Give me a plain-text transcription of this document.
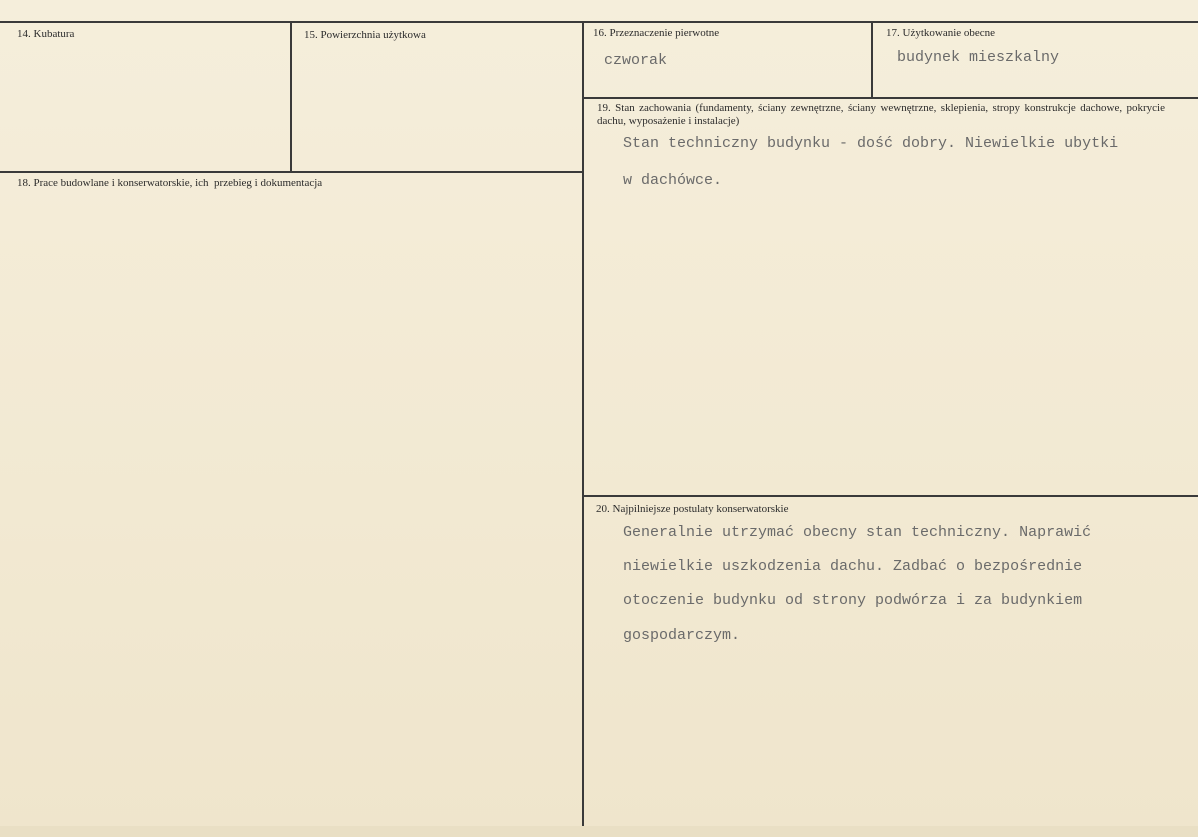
14. Kubatura	15. Powierzchnia użytkowa	16. Przeznaczenie pierwotne
czworak
17. Użytkowanie obecne
budynek mieszkalny
18. Prace budowlane i konserwatorskie, ich  przebieg i dokumentacja
19. Stan zachowania (fundamenty, ściany zewnętrzne, ściany wewnętrzne, sklepienia, stropy konstrukcje dachowe, pokrycie dachu, wyposażenie i instalacje)
Stan techniczny budynku - dość dobry. Niewielkie ubytki
w dachówce.
20. Najpilniejsze postulaty konserwatorskie
Generalnie utrzymać obecny stan techniczny. Naprawić
niewielkie uszkodzenia dachu. Zadbać o bezpośrednie
otoczenie budynku od strony podwórza i za budynkiem
gospodarczym.
